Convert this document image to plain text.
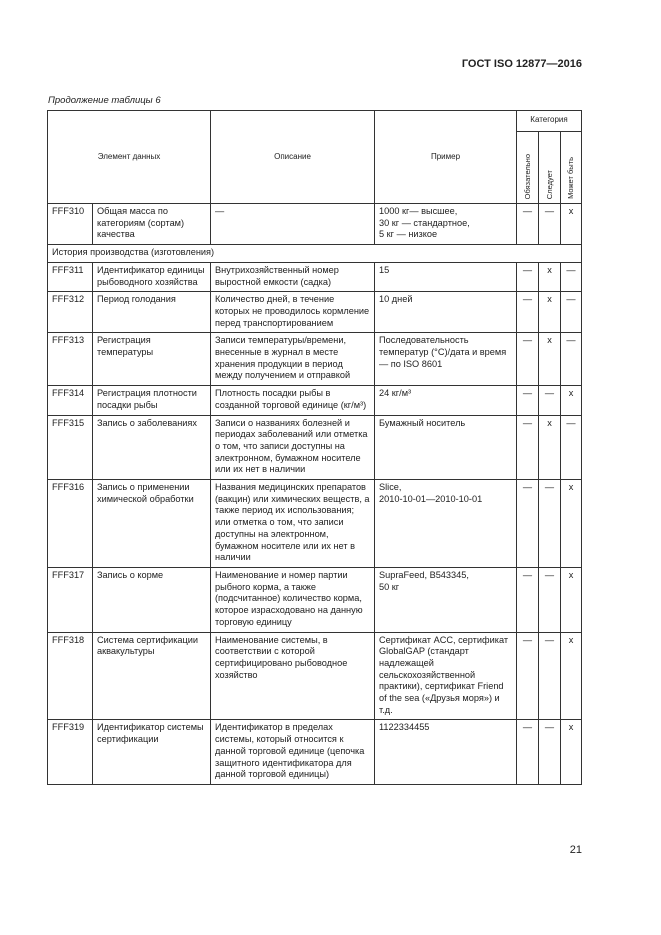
ГОСТ ISO 12877—2016
Продолжение таблицы 6
Элемент данных		Описание	Пример	Категория		

				Обязательно	Следует	Может быть

FFF310	Общая масса по категориям (сортам) качества	—	1000 кг— высшее,
30 кг — стандартное,
5 кг — низкое	—	—	x
История производства (изготовления)						
FFF311	Идентификатор единицы рыбоводного хозяйства	Внутрихозяйственный номер выростной емкости (садка)	15	—	x	—
FFF312	Период голодания	Количество дней, в течение которых не проводилось кормление перед транспортированием	10 дней	—	x	—
FFF313	Регистрация температуры	Записи температуры/времени, внесенные в журнал в месте хранения продукции в период между получением и отправкой	Последовательность температур (°С)/дата и время — по ISO 8601	—	x	—
FFF314	Регистрация плотности посадки рыбы	Плотность посадки рыбы в созданной торговой единице (кг/м³)	24 кг/м³	—	—	x
FFF315	Запись о заболеваниях	Записи о названиях болезней и периодах заболеваний или отметка о том, что записи доступны на электронном, бумажном носителе или их нет в наличии	Бумажный носитель	—	x	—
FFF316	Запись о применении химической обработки	Названия медицинских препаратов (вакцин) или химических веществ, а также период их использования; или отметка о том, что записи доступны на электронном, бумажном носителе или их нет в наличии	Slice,
2010-10-01—2010-10-01	—	—	x
FFF317	Запись о корме	Наименование и номер партии рыбного корма, а также (подсчитанное) количество корма, которое израсходовано на данную торговую единицу	SupraFeed, B543345,
50 кг	—	—	x
FFF318	Система сертификации аквакультуры	Наименование системы, в соответствии с которой сертифицировано рыбоводное хозяйство	Сертификат ACC, сертификат GlobalGAP (стандарт надлежащей сельскохозяйственной практики), сертификат Friend of the sea («Друзья моря») и т.д.	—	—	x
FFF319	Идентификатор системы сертификации	Идентификатор в пределах системы, который относится к данной торговой единице (цепочка защитного идентификатора для данной торговой единицы)	1122334455	—	—	x
21
